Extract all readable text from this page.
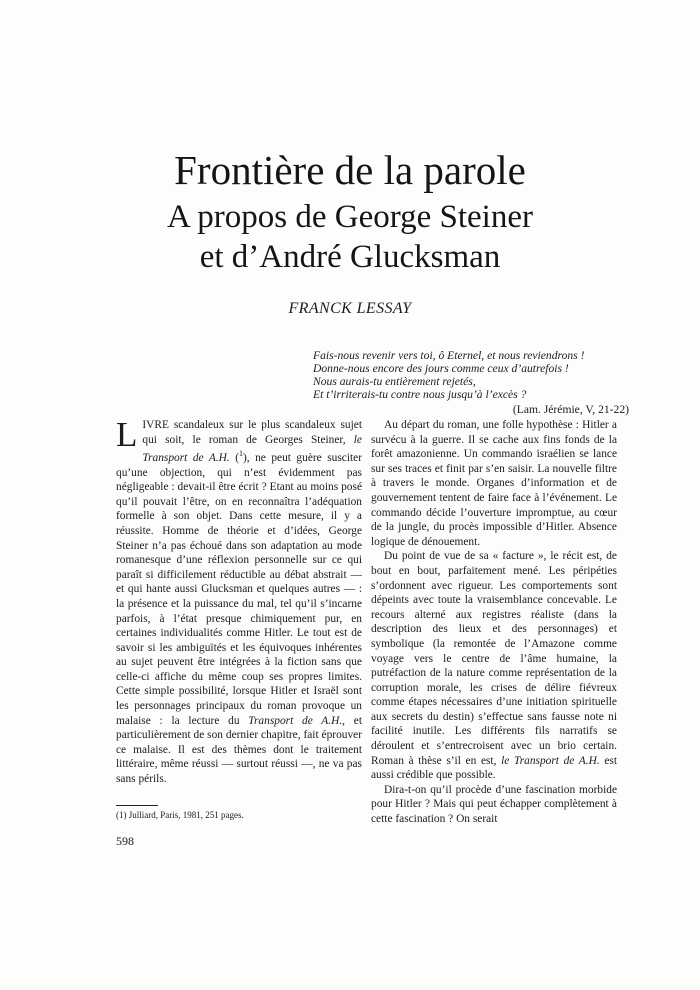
Frontière de la parole
A propos de George Steiner
et d’André Glucksman
FRANCK LESSAY
Fais-nous revenir vers toi, ô Eternel, et nous reviendrons !
Donne-nous encore des jours comme ceux d’autrefois !
Nous aurais-tu entièrement rejetés,
Et t’irriterais-tu contre nous jusqu’à l’excès ?
(Lam. Jérémie, V, 21-22)

LIVRE scandaleux sur le plus scandaleux sujet qui soit, le roman de Georges Steiner, le Transport de A.H. ($^1$), ne peut guère susciter qu’une objection, qui n’est évidemment pas négligeable : devait-il être écrit ? Etant au moins posé qu’il pouvait l’être, on en reconnaîtra l’adéquation formelle à son objet. Dans cette mesure, il y a réussite. Homme de théorie et d’idées, George Steiner n’a pas échoué dans son adaptation au mode romanesque d’une réflexion personnelle sur ce qui paraît si difficilement réductible au débat abstrait — et qui hante aussi Glucksman et quelques autres — : la présence et la puissance du mal, tel qu’il s’incarne parfois, à l’état presque chimiquement pur, en certaines individualités comme Hitler. Le tout est de savoir si les ambiguïtés et les équivoques inhérentes au sujet peuvent être intégrées à la fiction sans que celle-ci affiche du même coup ses propres limites. Cette simple possibilité, lorsque Hitler et Israël sont les personnages principaux du roman provoque un malaise : la lecture du Transport de A.H., et particulièrement de son dernier chapitre, fait éprouver ce malaise. Il est des thèmes dont le traitement littéraire, même réussi — surtout réussi —, ne va pas sans périls.

(1) Julliard, Paris, 1981, 251 pages.
598

Au départ du roman, une folle hypothèse : Hitler a survécu à la guerre. Il se cache aux fins fonds de la forêt amazonienne. Un commando israélien se lance sur ses traces et finit par s’en saisir. La nouvelle filtre à travers le monde. Organes d’information et de gouvernement tentent de faire face à l’événement. Le commando décide l’ouverture impromptue, au cœur de la jungle, du procès impossible d’Hitler. Absence logique de dénouement.

Du point de vue de sa « facture », le récit est, de bout en bout, parfaitement mené. Les péripéties s’ordonnent avec rigueur. Les comportements sont dépeints avec toute la vraisemblance concevable. Le recours alterné aux registres réaliste (dans la description des lieux et des personnages) et symbolique (la remontée de l’Amazone comme voyage vers le centre de l’âme humaine, la putréfaction de la nature comme représentation de la corruption morale, les crises de délire fiévreux comme étapes nécessaires d’une initiation spirituelle aux secrets du destin) s’effectue sans fausse note ni facilité inutile. Les différents fils narratifs se déroulent et s’entrecroisent avec un brio certain. Roman à thèse s’il en est, le Transport de A.H. est aussi crédible que possible.

Dira-t-on qu’il procède d’une fascination morbide pour Hitler ? Mais qui peut échapper complètement à cette fascination ? On serait
